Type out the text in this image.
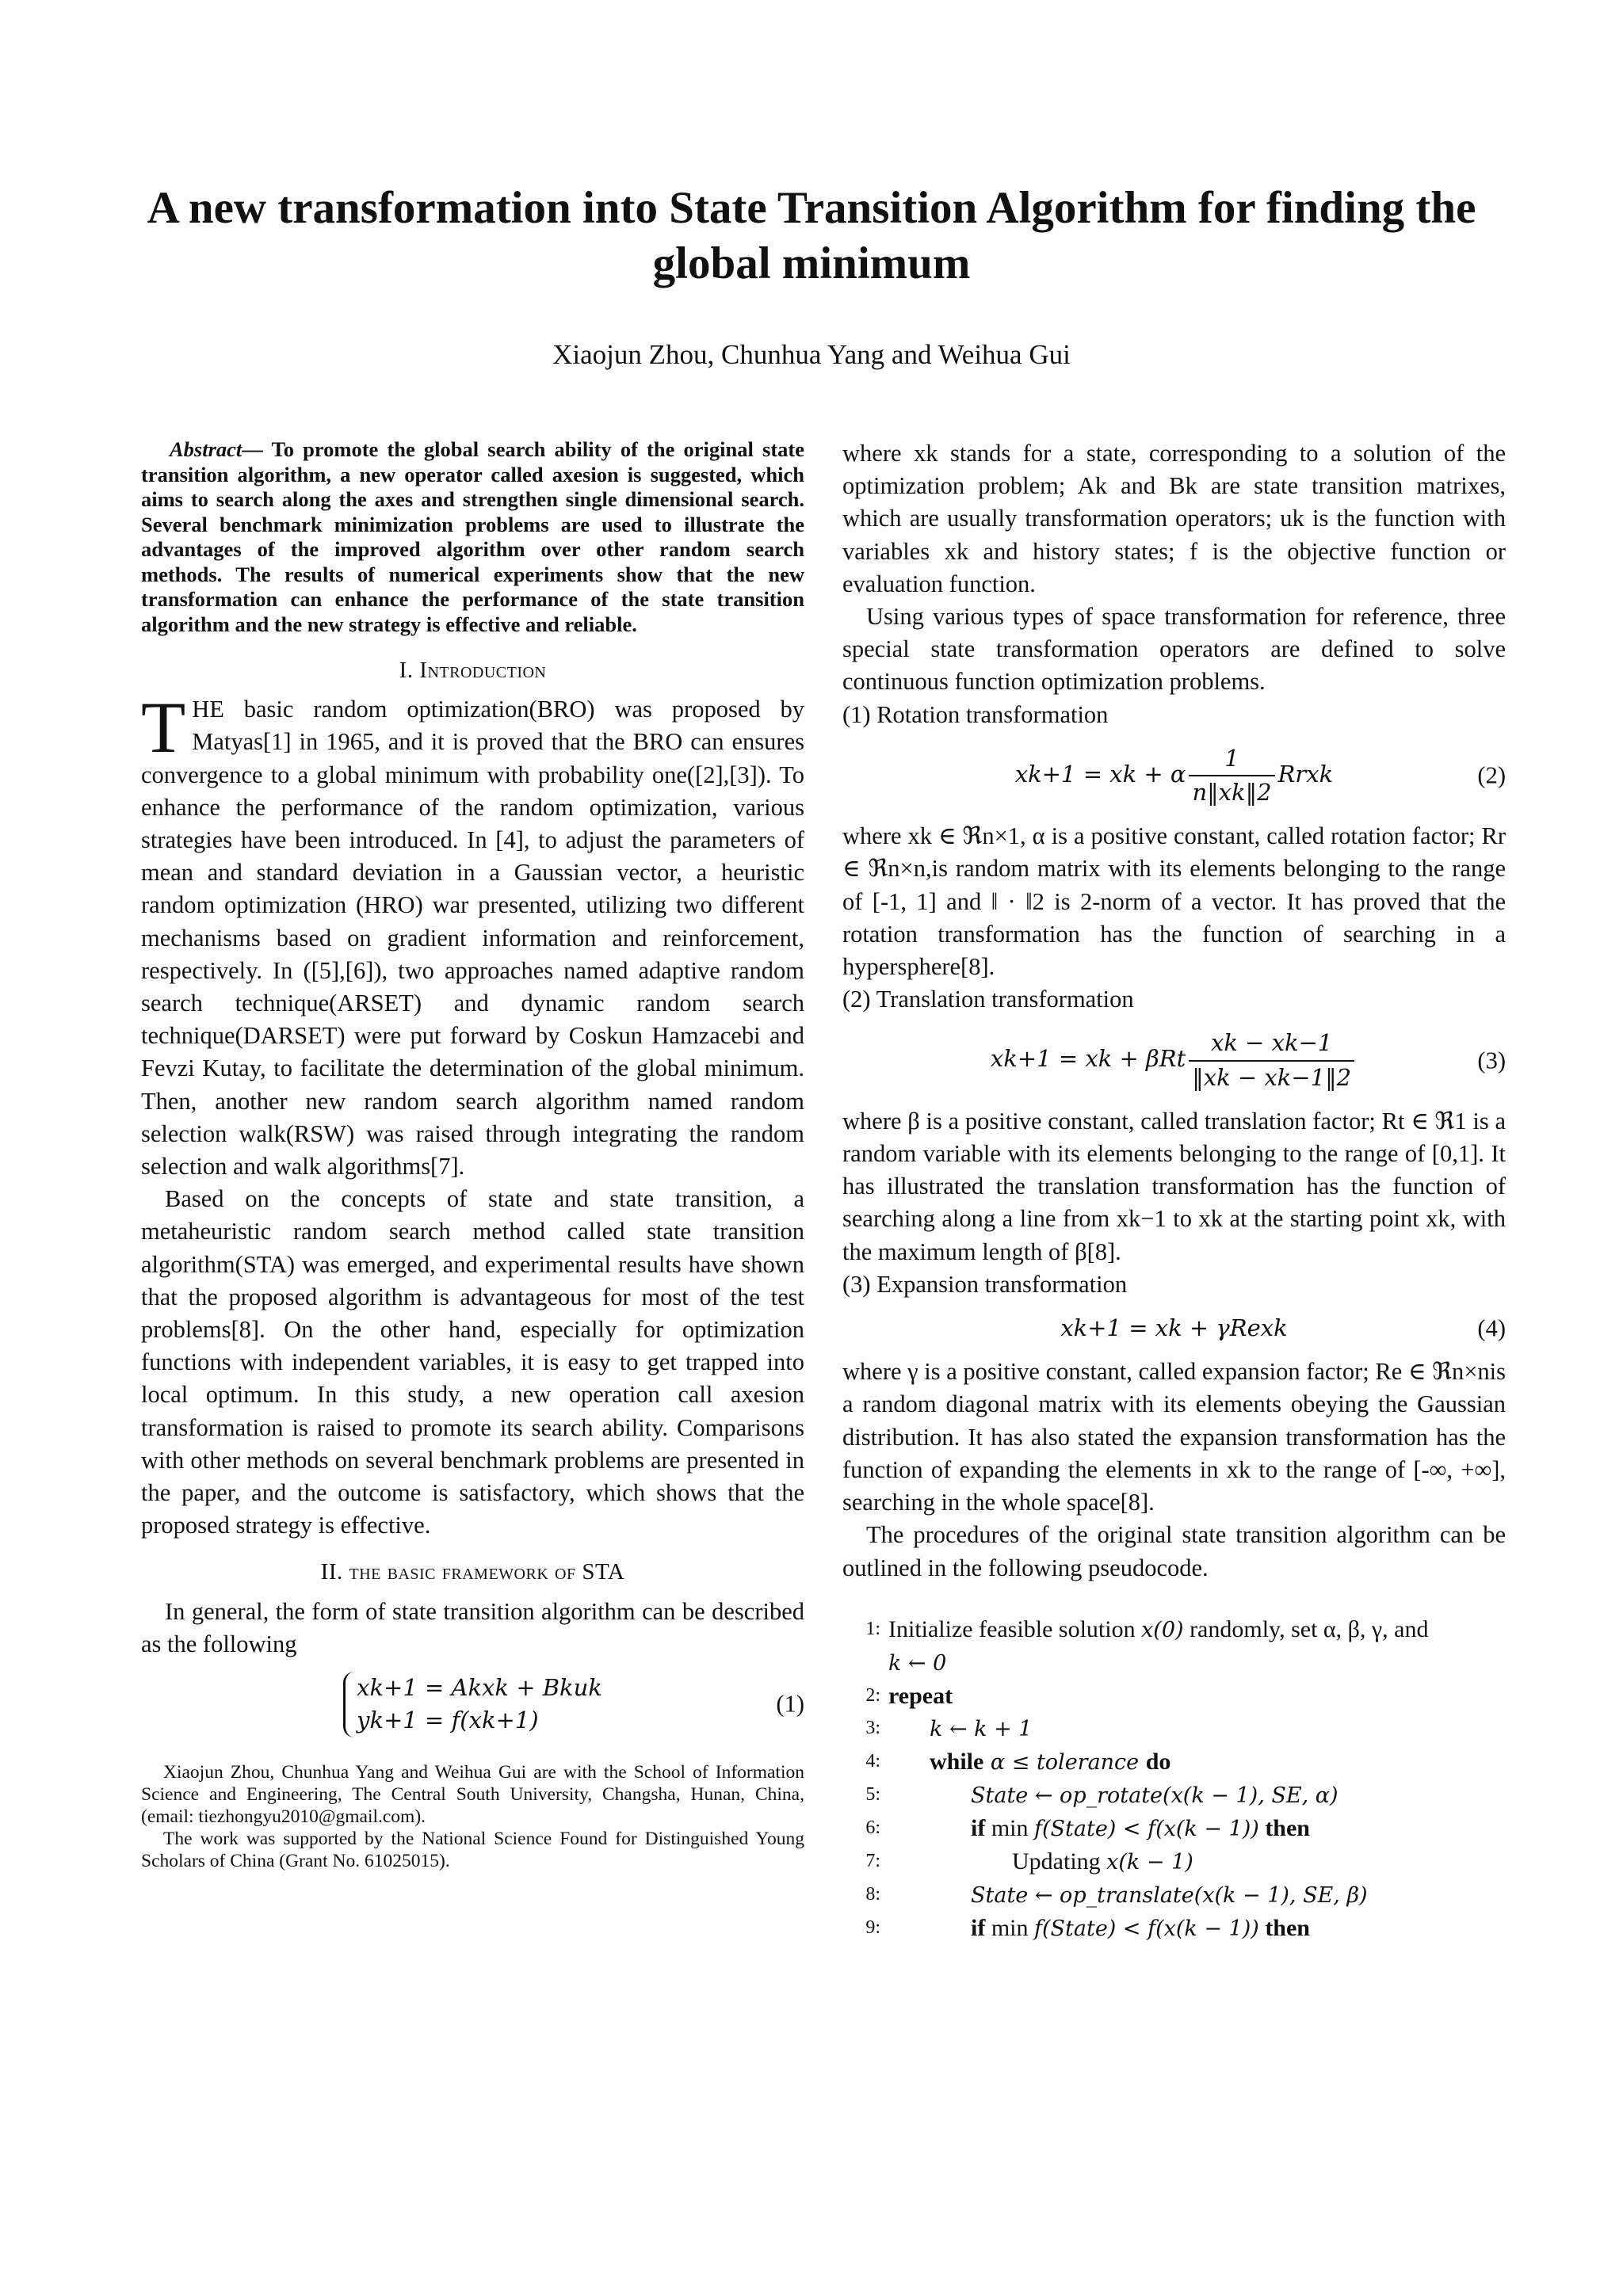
A new transformation into State Transition Algorithm for finding the global minimum
Xiaojun Zhou, Chunhua Yang and Weihua Gui

Abstract— To promote the global search ability of the original state transition algorithm, a new operator called axesion is suggested, which aims to search along the axes and strengthen single dimensional search. Several benchmark minimization problems are used to illustrate the advantages of the improved algorithm over other random search methods. The results of numerical experiments show that the new transformation can enhance the performance of the state transition algorithm and the new strategy is effective and reliable.

I. Introduction

THE basic random optimization(BRO) was proposed by Matyas[1] in 1965, and it is proved that the BRO can ensures convergence to a global minimum with probability one([2],[3]). To enhance the performance of the random optimization, various strategies have been introduced. In [4], to adjust the parameters of mean and standard deviation in a Gaussian vector, a heuristic random optimization (HRO) war presented, utilizing two different mechanisms based on gradient information and reinforcement, respectively. In ([5],[6]), two approaches named adaptive random search technique(ARSET) and dynamic random search technique(DARSET) were put forward by Coskun Hamzacebi and Fevzi Kutay, to facilitate the determination of the global minimum. Then, another new random search algorithm named random selection walk(RSW) was raised through integrating the random selection and walk algorithms[7].

Based on the concepts of state and state transition, a metaheuristic random search method called state transition algorithm(STA) was emerged, and experimental results have shown that the proposed algorithm is advantageous for most of the test problems[8]. On the other hand, especially for optimization functions with independent variables, it is easy to get trapped into local optimum. In this study, a new operation call axesion transformation is raised to promote its search ability. Comparisons with other methods on several benchmark problems are presented in the paper, and the outcome is satisfactory, which shows that the proposed strategy is effective.

II. the basic framework of STA

In general, the form of state transition algorithm can be described as the following

xk+1 = Akxk + Bkuk
yk+1 = f(xk+1)
(1)

Xiaojun Zhou, Chunhua Yang and Weihua Gui are with the School of Information Science and Engineering, The Central South University, Changsha, Hunan, China, (email: tiezhongyu2010@gmail.com).

The work was supported by the National Science Found for Distinguished Young Scholars of China (Grant No. 61025015).

where xk stands for a state, corresponding to a solution of the optimization problem; Ak and Bk are state transition matrixes, which are usually transformation operators; uk is the function with variables xk and history states; f is the objective function or evaluation function.

Using various types of space transformation for reference, three special state transformation operators are defined to solve continuous function optimization problems.

(1) Rotation transformation

xk+1 = xk + α $\frac{1}{n‖xk‖2}$ Rrxk	(2)

where xk ∈ ℜn×1, α is a positive constant, called rotation factor; Rr ∈ ℜn×n,is random matrix with its elements belonging to the range of [-1, 1] and ‖ · ‖2 is 2-norm of a vector. It has proved that the rotation transformation has the function of searching in a hypersphere[8].

(2) Translation transformation

xk+1 = xk + βRt $\frac{xk - xk-1}{‖xk - xk-1‖2}$	(3)

where β is a positive constant, called translation factor; Rt ∈ ℜ1 is a random variable with its elements belonging to the range of [0,1]. It has illustrated the translation transformation has the function of searching along a line from xk−1 to xk at the starting point xk, with the maximum length of β[8].

(3) Expansion transformation

xk+1 = xk + γRexk	(4)

where γ is a positive constant, called expansion factor; Re ∈ ℜn×nis a random diagonal matrix with its elements obeying the Gaussian distribution. It has also stated the expansion transformation has the function of expanding the elements in xk to the range of [-∞, +∞], searching in the whole space[8].

The procedures of the original state transition algorithm can be outlined in the following pseudocode.

1: Initialize feasible solution x(0) randomly, set α, β, γ, and
k ← 0
2: repeat
3:	k ← k + 1
4:	while α ≤ tolerance do
5:	State ← op_rotate(x(k − 1), SE, α)
6:	if min f(State) < f(x(k − 1)) then
7:	Updating x(k − 1)
8:	State ← op_translate(x(k − 1), SE, β)
9:	if min f(State) < f(x(k − 1)) then
